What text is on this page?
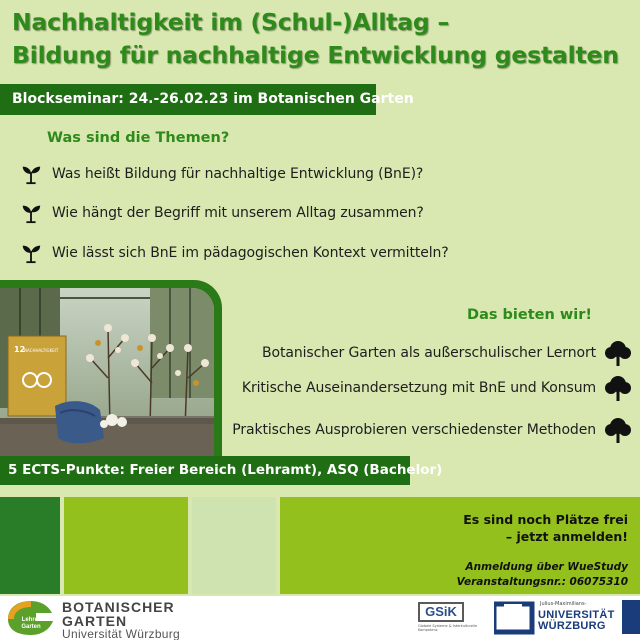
Nachhaltigkeit im (Schul-)Alltag –
Bildung für nachhaltige Entwicklung gestalten
Blockseminar: 24.-26.02.23 im Botanischen Garten
Was sind die Themen?
Was heißt Bildung für nachhaltige Entwicklung (BnE)?
Wie hängt der Begriff mit unserem Alltag zusammen?
Wie lässt sich BnE im pädagogischen Kontext vermitteln?
12
NACHHALTIGKEIT
Das bieten wir!
Botanischer Garten als außerschulischer Lernort
Kritische Auseinandersetzung mit BnE und Konsum
Praktisches Ausprobieren verschiedenster Methoden
5 ECTS-Punkte: Freier Bereich (Lehramt), ASQ (Bachelor)
Es sind noch Plätze frei
– jetzt anmelden!
Anmeldung über WueStudy
Veranstaltungsnr.: 06075310
Lehrer
Garten
BOTANISCHER
GARTEN
Universität Würzburg
GSiK
Globale Systeme & Interkulturelle Kompetenz
Julius-Maximilians-
UNIVERSITÄT
WÜRZBURG
